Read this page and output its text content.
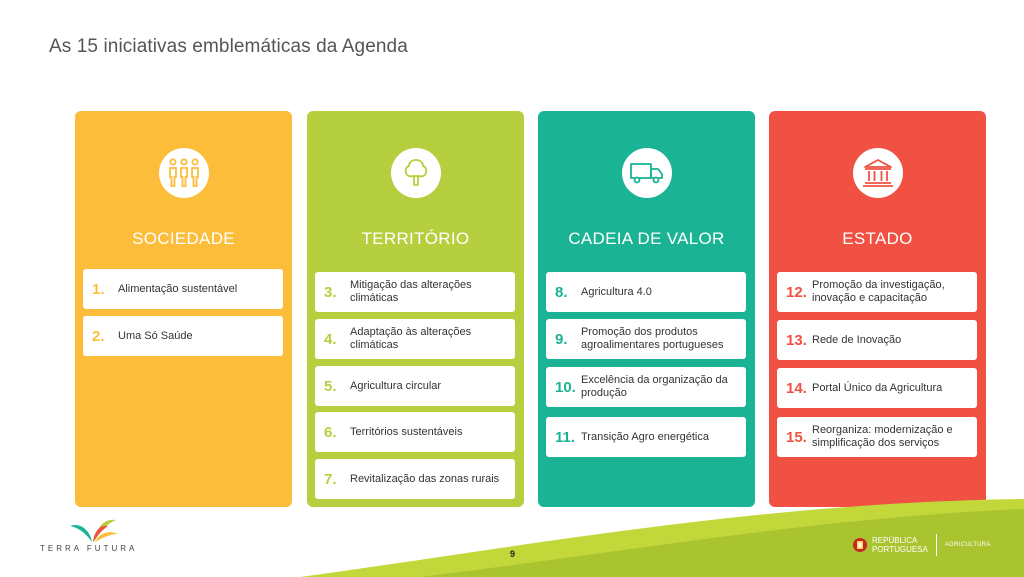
As 15 iniciativas emblemáticas da Agenda
SOCIEDADE
1.	Alimentação sustentável
2.	Uma Só Saúde
TERRITÓRIO
3.	Mitigação das alterações climáticas
4.	Adaptação às alterações climáticas
5.	Agricultura circular
6.	Territórios sustentáveis
7.	Revitalização das zonas rurais
CADEIA DE VALOR
8.	Agricultura 4.0
9.	Promoção dos produtos agroalimentares portugueses
10. Excelência da organização da produção
11. Transição Agro energética
ESTADO
12. Promoção da investigação, inovação e capacitação
13. Rede de Inovação
14. Portal Único da Agricultura
15. Reorganiza: modernização e simplificação dos serviços
TERRA FUTURA
9
REPÚBLICA
PORTUGUESA	AGRICULTURA
